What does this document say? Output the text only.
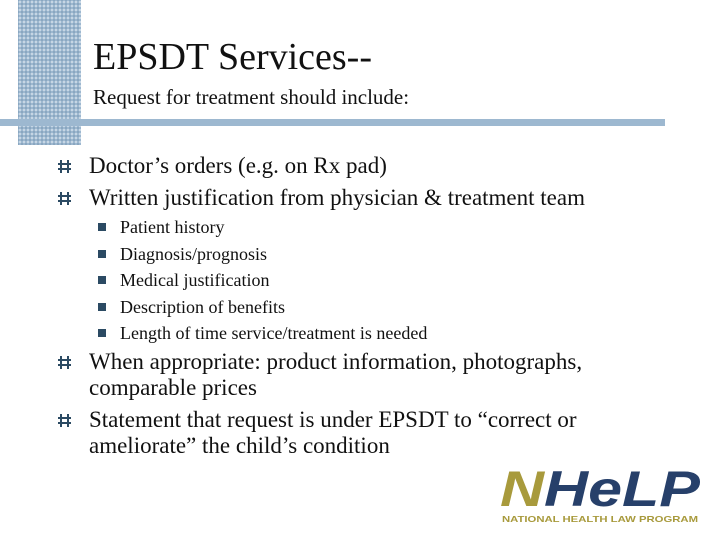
EPSDT Services--
Request for treatment should include:
Doctor’s orders (e.g. on Rx pad)
Written justification from physician & treatment team
Patient history
Diagnosis/prognosis
Medical justification
Description of benefits
Length of time service/treatment is needed
When appropriate: product information, photographs, comparable prices
Statement that request is under EPSDT to “correct or ameliorate” the child’s condition
N HeLP
NATIONAL HEALTH LAW PROGRAM
